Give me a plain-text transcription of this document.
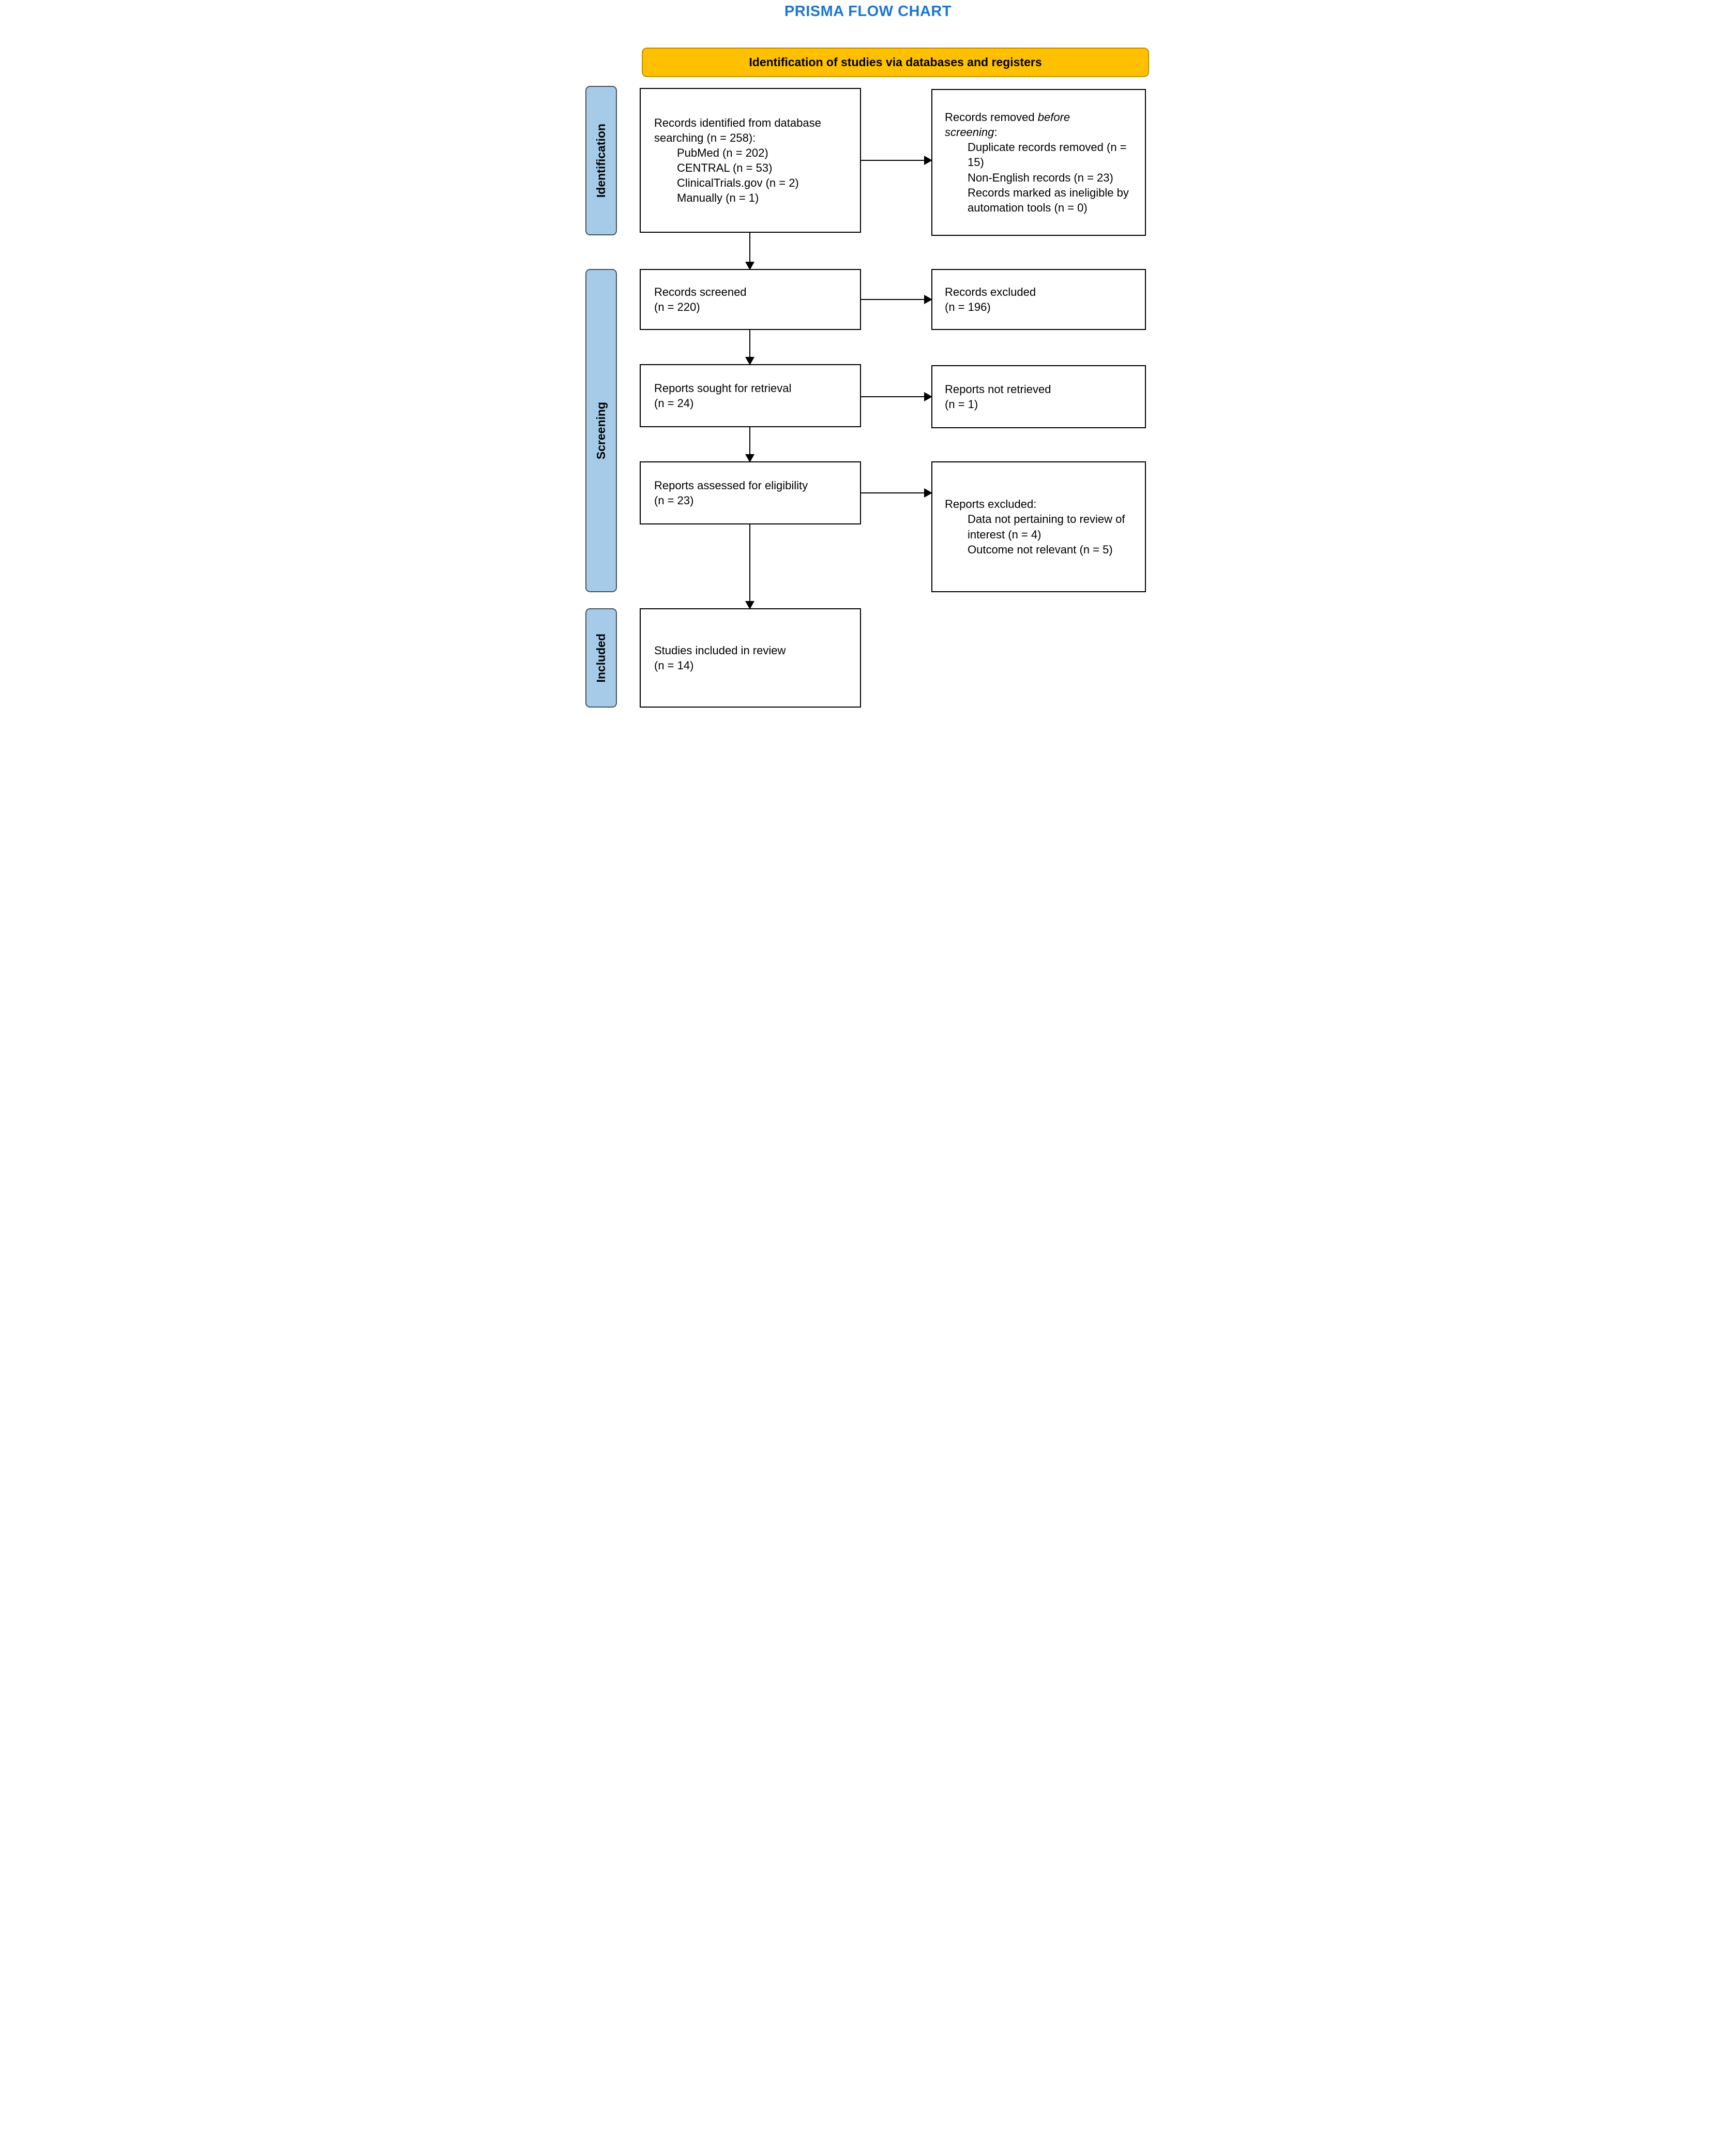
PRISMA FLOW CHART
Identification of studies via databases and registers
Identification
Screening
Included
Records identified from database searching (n = 258):
PubMed (n = 202)
CENTRAL (n = 53)
ClinicalTrials.gov (n = 2)
Manually (n = 1)
Records removed before screening:
Duplicate records removed (n = 15)
Non-English records (n = 23)
Records marked as ineligible by automation tools (n = 0)
Records screened
(n = 220)
Records excluded
(n = 196)
Reports sought for retrieval
(n = 24)
Reports not retrieved
(n = 1)
Reports assessed for eligibility
(n = 23)	Reports excluded:
Data not pertaining to review of interest (n = 4)
Outcome not relevant (n = 5)
Studies included in review
(n = 14)
